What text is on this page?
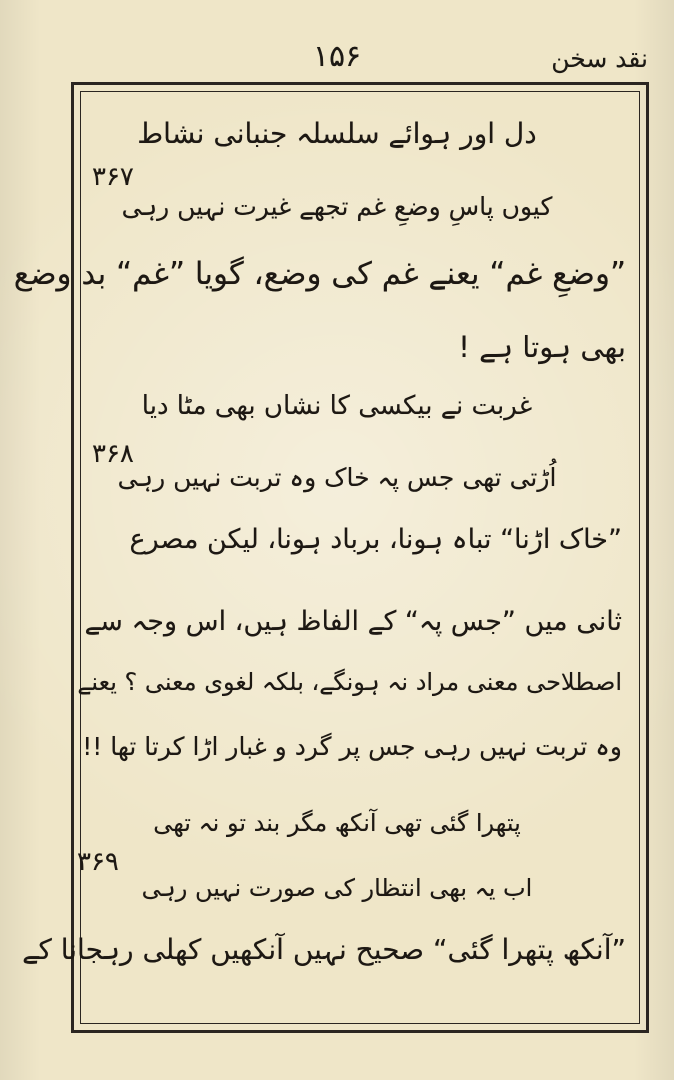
نقد سخن
۱۵۶
دل اور ہوائے سلسلہ جنبانی نشاط
۳۶۷
کیوں پاسِ وضعِ غم تجھے غیرت نہیں رہی
”وضعِ غم“ یعنے غم کی وضع، گویا ”غم“ بد وضع
بھی ہوتا ہے !
غربت نے بیکسی کا نشاں بھی مٹا دیا
۳۶۸
اُڑتی تھی جس پہ خاک وہ تربت نہیں رہی
”خاک اڑنا“ تباہ ہونا، برباد ہونا، لیکن مصرع
ثانی میں ”جس پہ“ کے الفاظ ہیں، اس وجہ سے
اصطلاحی معنی مراد نہ ہونگے، بلکہ لغوی معنی ؟ یعنے
وہ تربت نہیں رہی جس پر گرد و غبار اڑا کرتا تھا !!
پتھرا گئی تھی آنکھ مگر بند تو نہ تھی
۳۶۹
اب یہ بھی انتظار کی صورت نہیں رہی
”آنکھ پتھرا گئی“ صحیح نہیں آنکھیں کھلی رہجانا کے
